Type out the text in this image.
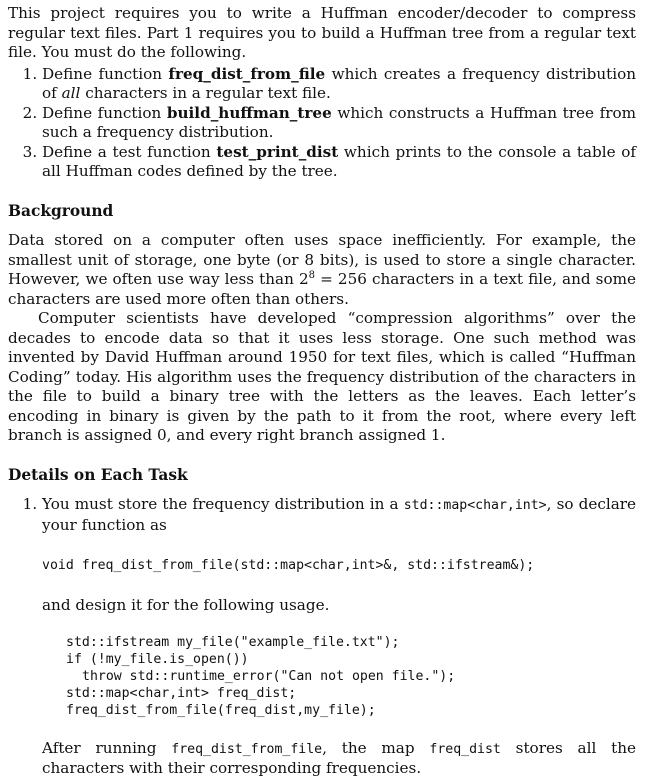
This project requires you to write a Huffman encoder/decoder to compress regular text files. Part 1 requires you to build a Huffman tree from a regular text file. You must do the following.

1. Define function freq_dist_from_file which creates a frequency distribution of all characters in a regular text file.
2. Define function build_huffman_tree which constructs a Huffman tree from such a frequency distribution.
3. Define a test function test_print_dist which prints to the console a table of all Huffman codes defined by the tree.
Background

Data stored on a computer often uses space inefficiently. For example, the smallest unit of storage, one byte (or 8 bits), is used to store a single character. However, we often use way less than $2^8 = 256$ characters in a text file, and some characters are used more often than others.

Computer scientists have developed “compression algorithms” over the decades to encode data so that it uses less storage. One such method was invented by David Huffman around 1950 for text files, which is called “Huffman Coding” today. His algorithm uses the frequency distribution of the characters in the file to build a binary tree with the letters as the leaves. Each letter’s encoding in binary is given by the path to it from the root, where every left branch is assigned 0, and every right branch assigned 1.

Details on Each Task
1. You must store the frequency distribution in a std::map<char,int>, so declare your function as
void freq_dist_from_file(std::map<char,int>&, std::ifstream&);
and design it for the following usage.
std::ifstream my_file("example_file.txt");
if (!my_file.is_open())
throw std::runtime_error("Can not open file.");
std::map<char,int> freq_dist;
freq_dist_from_file(freq_dist,my_file);

After running freq_dist_from_file, the map freq_dist stores all the characters with their corresponding frequencies.
